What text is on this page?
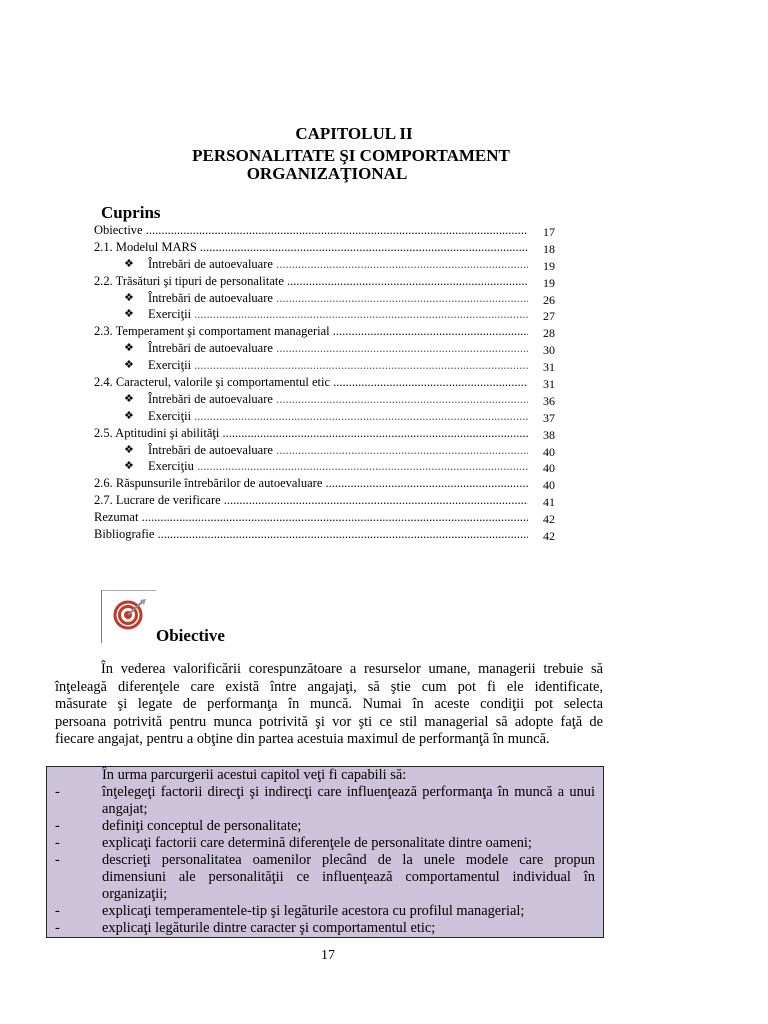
CAPITOLUL II
PERSONALITATE ŞI COMPORTAMENT
ORGANIZAŢIONAL
Cuprins
Obiective .....	17
2.1. Modelul MARS .....	18
❖ Întrebări de autoevaluare .....	19
2.2. Trăsături şi tipuri de personalitate .....	19
❖ Întrebări de autoevaluare .....	26
❖ Exerciţii .....	27
2.3. Temperament şi comportament managerial .....	28
❖ Întrebări de autoevaluare .....	30
❖ Exerciţii .....	31
2.4. Caracterul, valorile şi comportamentul etic .....	31
❖ Întrebări de autoevaluare .....	36
❖ Exerciţii .....	37
2.5. Aptitudini şi abilităţi .....	38
❖ Întrebări de autoevaluare .....	40
❖ Exerciţiu .....	40
2.6. Răspunsurile întrebărilor de autoevaluare .....	40
2.7. Lucrare de verificare .....	41
Rezumat .....	42
Bibliografie .....	42
Obiective
În vederea valorificării corespunzătoare a resurselor umane, managerii trebuie să
înţeleagă diferenţele care există între angajaţi, să ştie cum pot fi ele identificate,
măsurate şi legate de performanţa în muncă. Numai în aceste condiţii pot selecta
persoana potrivită pentru munca potrivită şi vor şti ce stil managerial să adopte faţă de
fiecare angajat, pentru a obţine din partea acestuia maximul de performanţă în muncă.
În urma parcurgerii acestui capitol veţi fi capabili să:
-	înţelegeţi factorii direcţi şi indirecţi care influenţează performanţa în muncă a unui angajat;
-	definiţi conceptul de personalitate;
-	explicaţi factorii care determină diferenţele de personalitate dintre oameni;
-	descrieţi personalitatea oamenilor plecând de la unele modele care propun dimensiuni ale personalităţii ce influenţează comportamentul individual în organizaţii;
-	explicaţi temperamentele-tip şi legăturile acestora cu profilul managerial;
-	explicaţi legăturile dintre caracter şi comportamentul etic;
17
